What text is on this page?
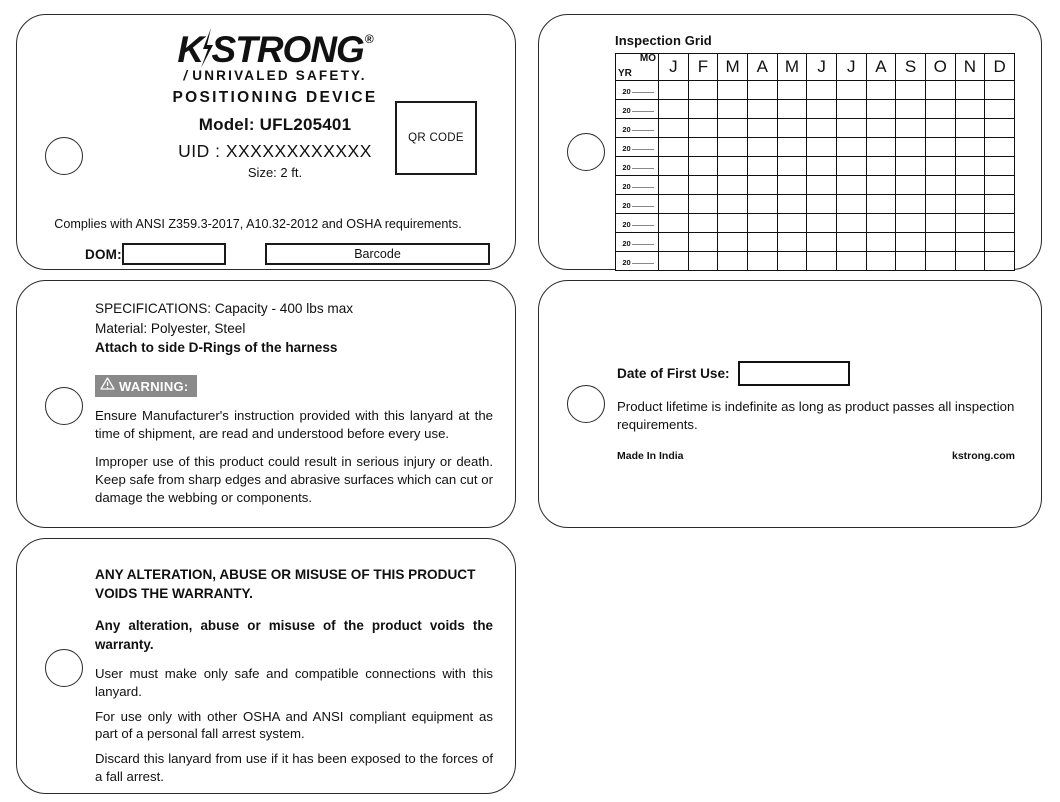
K STRONG ®
/ UNRIVALED SAFETY.
POSITIONING DEVICE
Model: UFL205401
UID : XXXXXXXXXXXX
Size: 2 ft.
QR CODE
Complies with ANSI Z359.3-2017, A10.32-2012 and OSHA requirements.
DOM:	Barcode
Inspection Grid
MO
YR	J	F	M	A	M	J	J	A	S	O	N	D
20												
20												
20												
20												
20												
20												
20												
20												
20												
20												
SPECIFICATIONS: Capacity - 400 lbs max
Material: Polyester, Steel
Attach to side D-Rings of the harness
WARNING:
Ensure Manufacturer's instruction provided with this lanyard at the time of shipment, are read and understood before every use.
Improper use of this product could result in serious injury or death. Keep safe from sharp edges and abrasive surfaces which can cut or damage the webbing or components.
Date of First Use:
Product lifetime is indefinite as long as product passes all inspection requirements.
Made In India	kstrong.com
ANY ALTERATION, ABUSE OR MISUSE OF THIS PRODUCT VOIDS THE WARRANTY.
Any alteration, abuse or misuse of the product voids the warranty.
User must make only safe and compatible connections with this lanyard.
For use only with other OSHA and ANSI compliant equipment as part of a personal fall arrest system.
Discard this lanyard from use if it has been exposed to the forces of a fall arrest.
